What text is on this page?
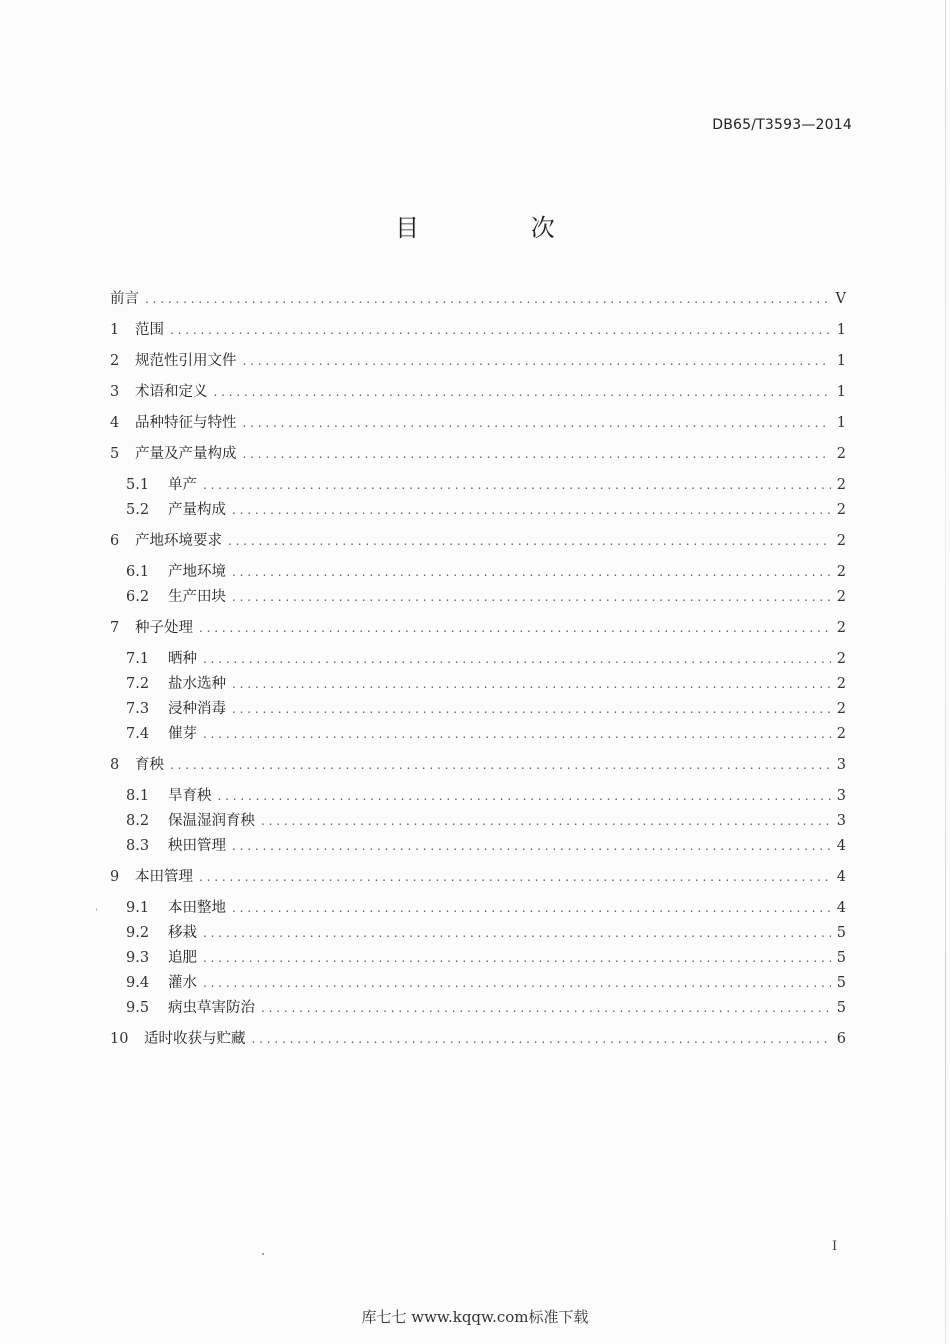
DB65/T3593—2014
目 次
前言 . . .	V
1	范围 . . .	1
2	规范性引用文件 . . .	1
3	术语和定义 . . .	1
4	品种特征与特性 . . .	1
5	产量及产量构成 . . .	2
5.1	单产 . . .	2
5.2	产量构成 . . .	2
6	产地环境要求 . . .	2
6.1	产地环境 . . .	2
6.2	生产田块 . . .	2
7	种子处理 . . .	2
7.1	晒种 . . .	2
7.2	盐水选种 . . .	2
7.3	浸种消毒 . . .	2
7.4	催芽 . . .	2
8	育秧 . . .	3
8.1	旱育秧 . . .	3
8.2	保温湿润育秧 . . .	3
8.3	秧田管理 . . .	4
9	本田管理 . . .	4
9.1	本田整地 . . .	4
9.2	移栽 . . .	5
9.3	追肥 . . .	5
9.4	灌水 . . .	5
9.5	病虫草害防治 . . .	5
10	适时收获与贮藏 . . .	6
I
库七七 www.kqqw.com标准下载
